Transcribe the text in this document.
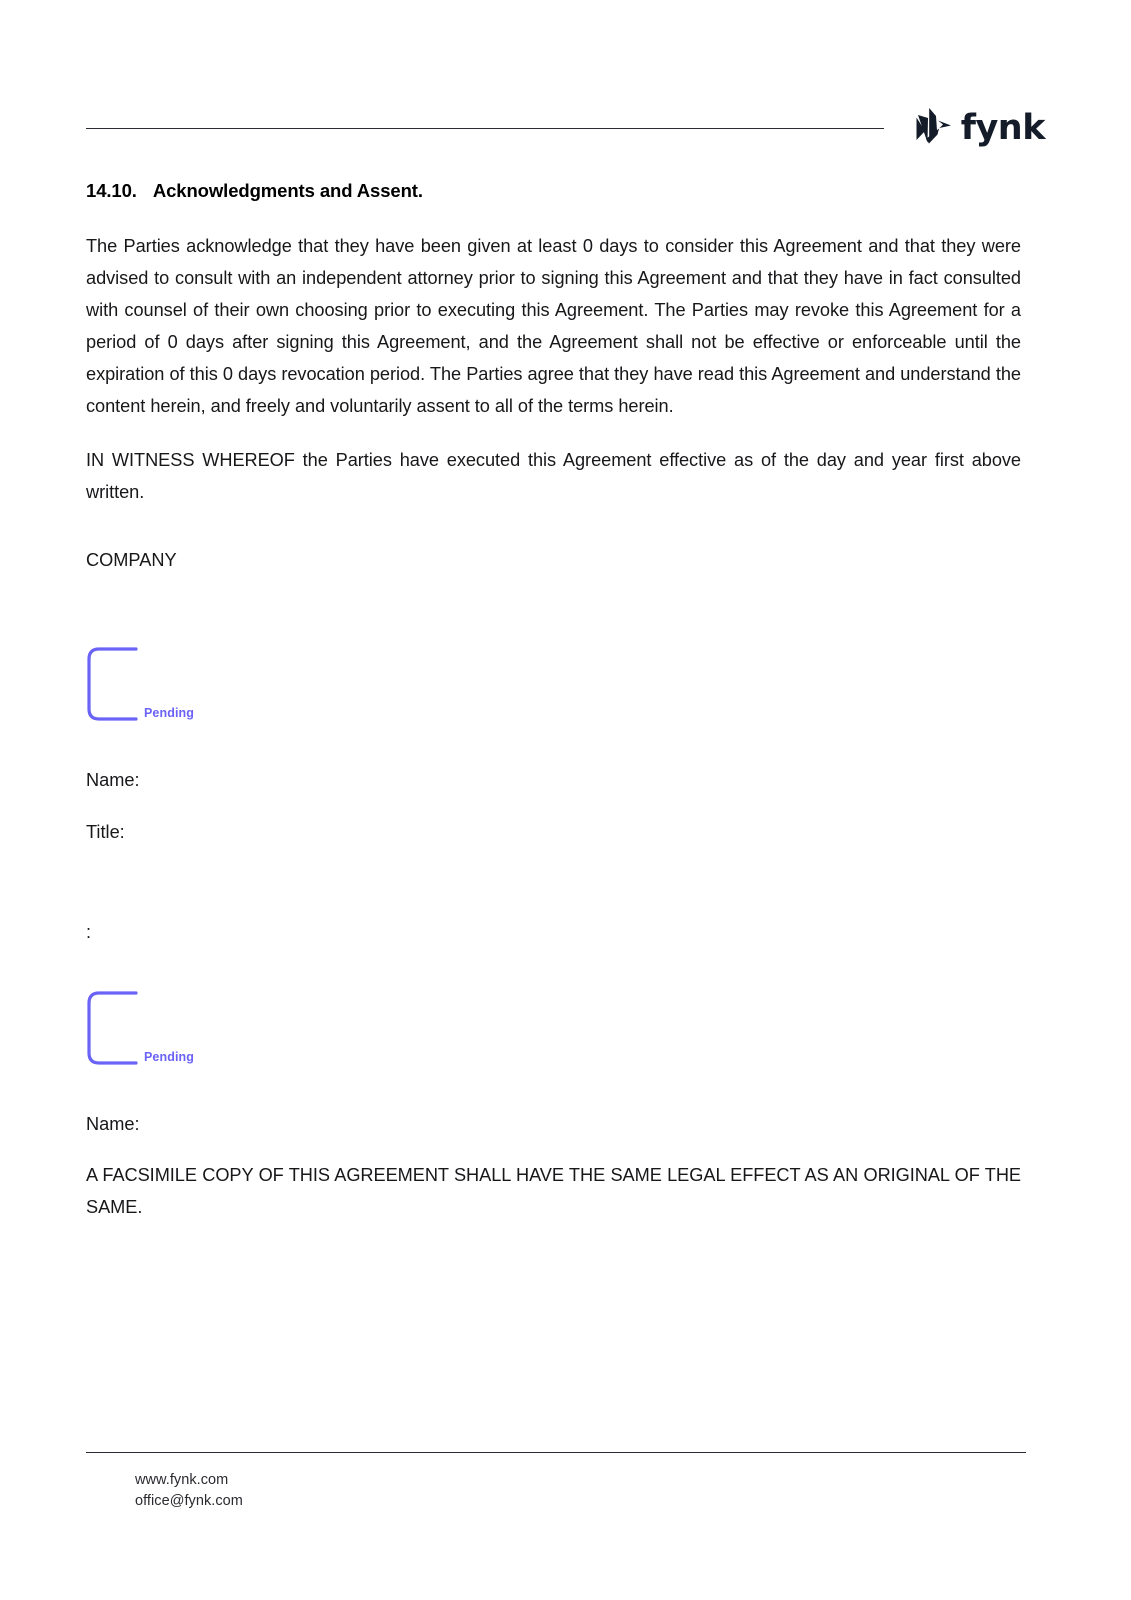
fynk
14.10. Acknowledgments and Assent.

The Parties acknowledge that they have been given at least 0 days to consider this Agreement and that they were advised to consult with an independent attorney prior to signing this Agreement and that they have in fact consulted with counsel of their own choosing prior to executing this Agreement. The Parties may revoke this Agreement for a period of 0 days after signing this Agreement, and the Agreement shall not be effective or enforceable until the expiration of this 0 days revocation period. The Parties agree that they have read this Agreement and understand the content herein, and freely and voluntarily assent to all of the terms herein.

IN WITNESS WHEREOF the Parties have executed this Agreement effective as of the day and year first above written.

COMPANY

Pending

Name:

Title:

:

Pending

Name:

A FACSIMILE COPY OF THIS AGREEMENT SHALL HAVE THE SAME LEGAL EFFECT AS AN ORIGINAL OF THE SAME.

www.fynk.com
office@fynk.com
